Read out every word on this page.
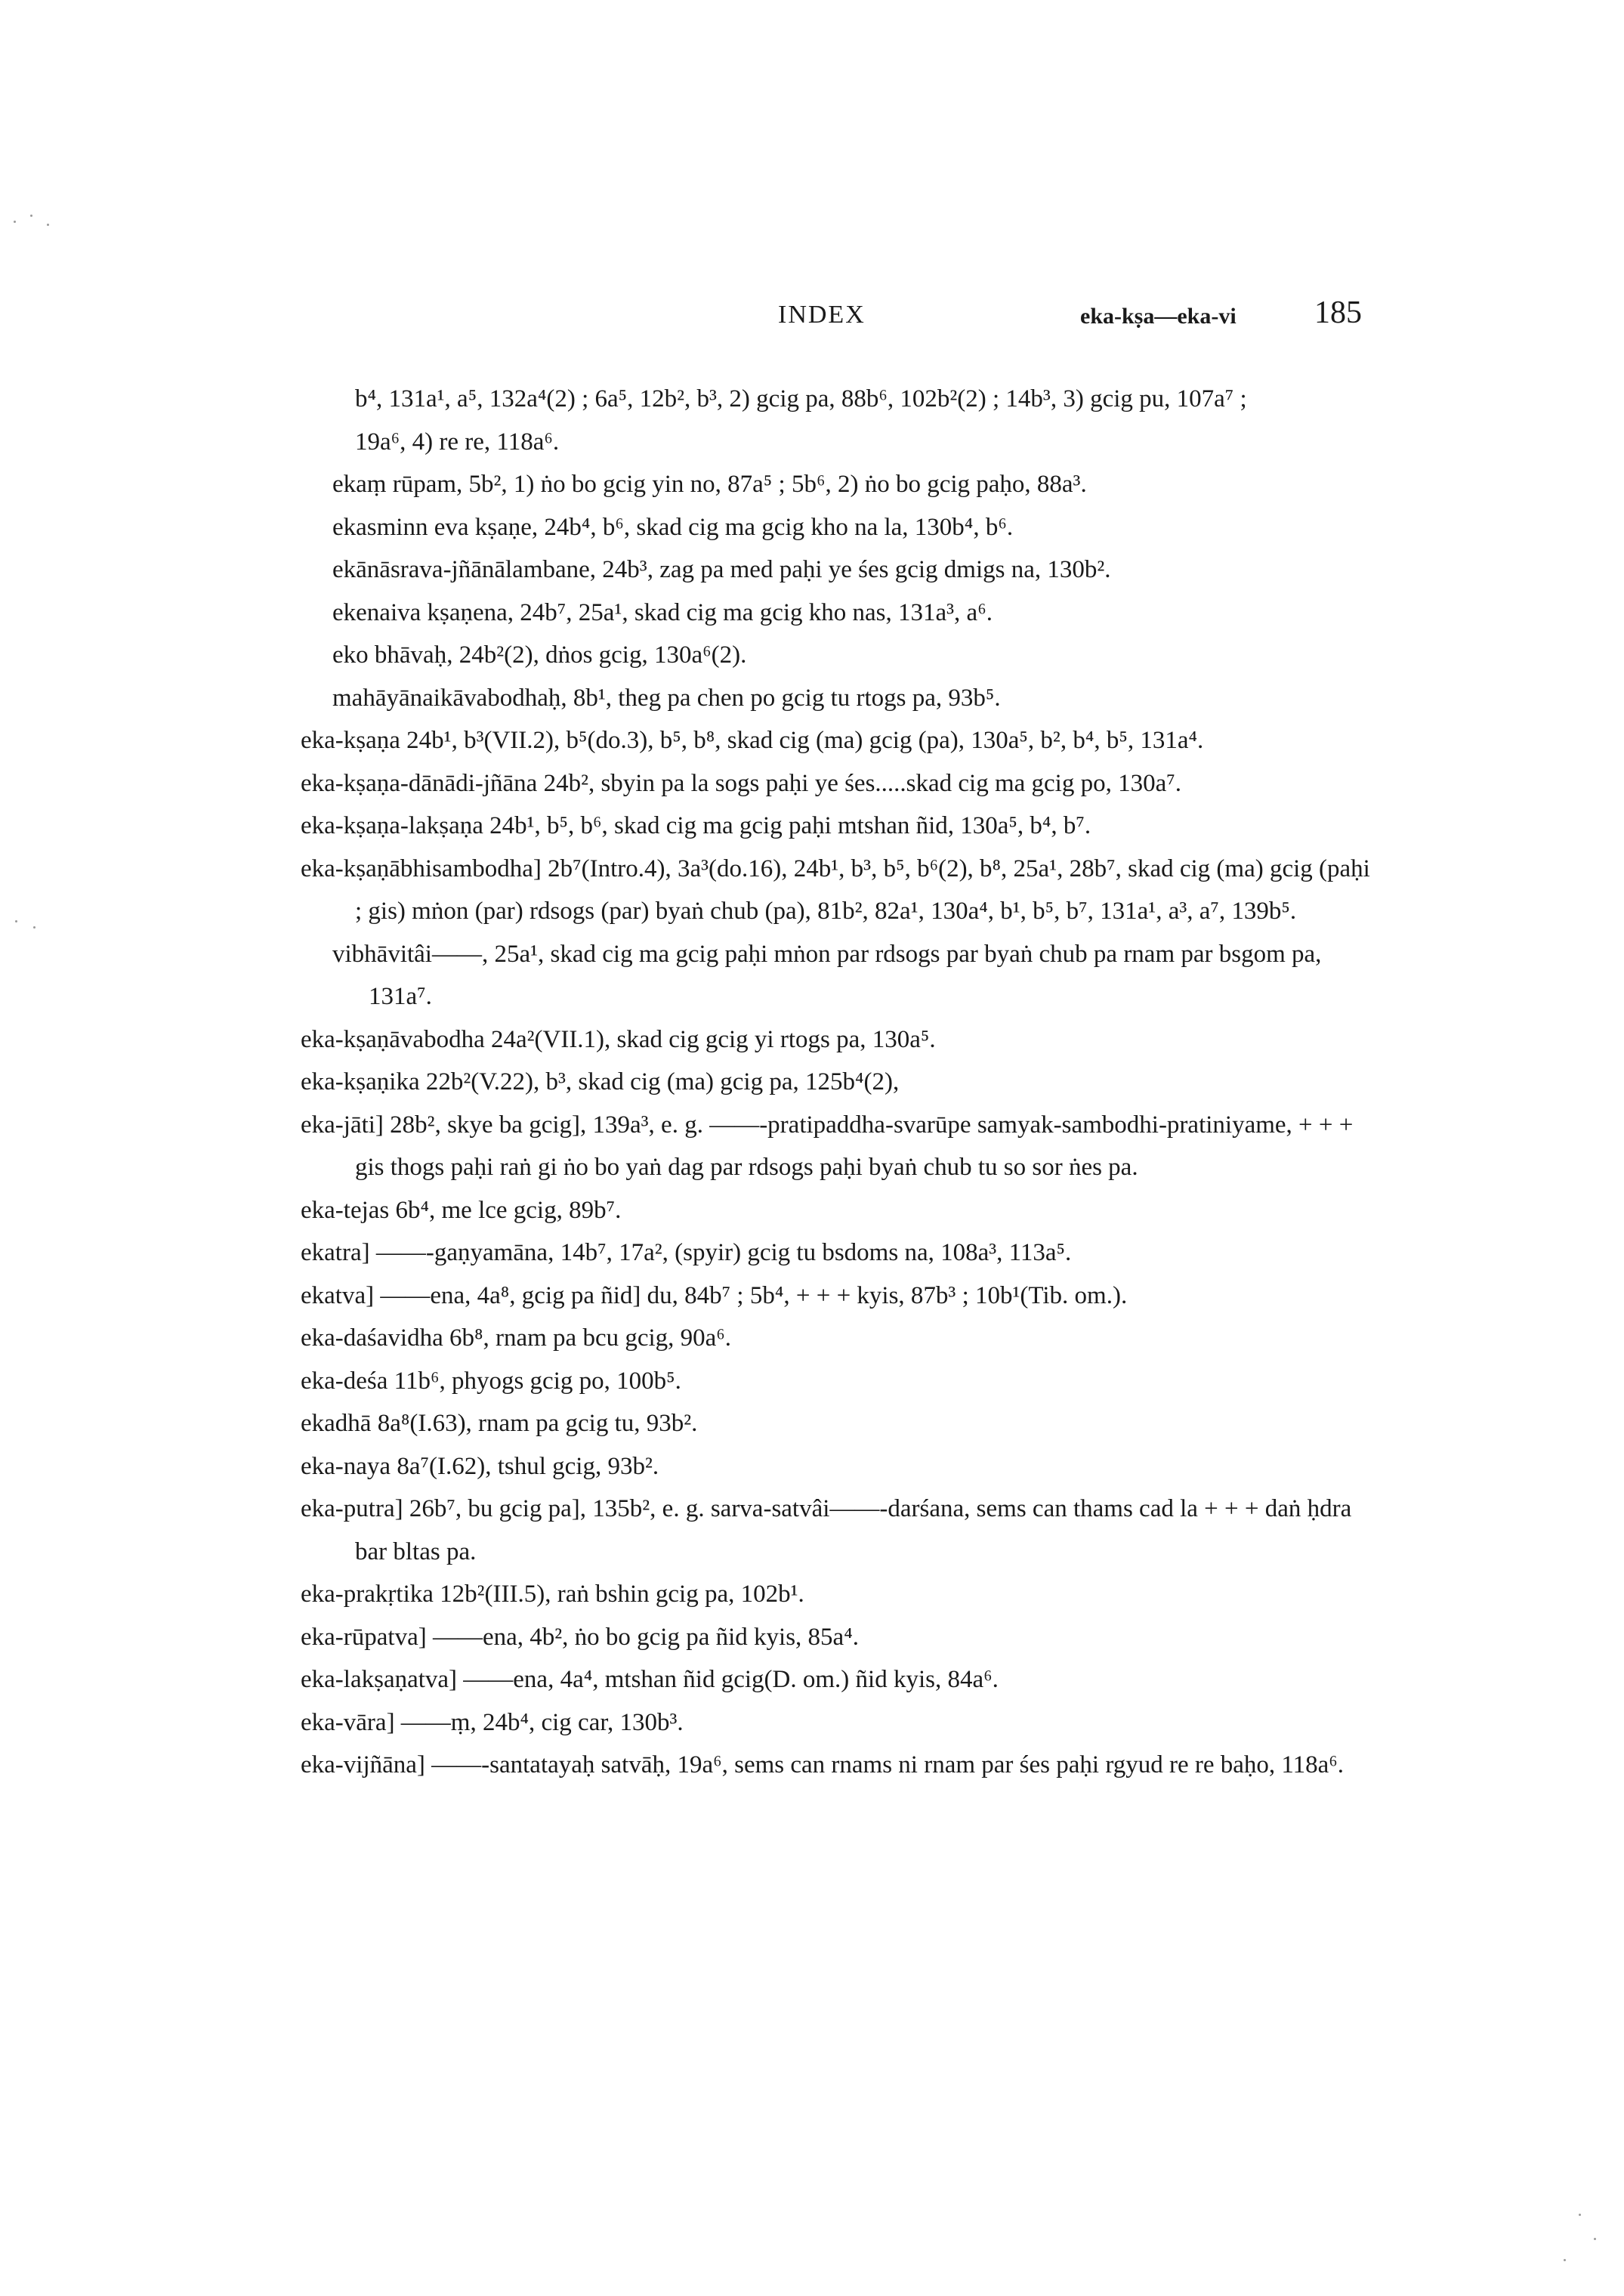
INDEX	eka-kṣa—eka-vi 185
b⁴, 131a¹, a⁵, 132a⁴(2) ; 6a⁵, 12b², b³, 2) gcig pa, 88b⁶, 102b²(2) ; 14b³, 3) gcig pu, 107a⁷ ;
19a⁶, 4) re re, 118a⁶.
ekaṃ rūpam, 5b², 1) ṅo bo gcig yin no, 87a⁵ ; 5b⁶, 2) ṅo bo gcig paḥo, 88a³.
ekasminn eva kṣaṇe, 24b⁴, b⁶, skad cig ma gcig kho na la, 130b⁴, b⁶.
ekānāsrava-jñānālambane, 24b³, zag pa med paḥi ye śes gcig dmigs na, 130b².
ekenaiva kṣaṇena, 24b⁷, 25a¹, skad cig ma gcig kho nas, 131a³, a⁶.
eko bhāvaḥ, 24b²(2), dṅos gcig, 130a⁶(2).
mahāyānaikāvabodhaḥ, 8b¹, theg pa chen po gcig tu rtogs pa, 93b⁵.
eka-kṣaṇa 24b¹, b³(VII.2), b⁵(do.3), b⁵, b⁸, skad cig (ma) gcig (pa), 130a⁵, b², b⁴, b⁵, 131a⁴.
eka-kṣaṇa-dānādi-jñāna 24b², sbyin pa la sogs paḥi ye śes.....skad cig ma gcig po, 130a⁷.
eka-kṣaṇa-lakṣaṇa 24b¹, b⁵, b⁶, skad cig ma gcig paḥi mtshan ñid, 130a⁵, b⁴, b⁷.
eka-kṣaṇābhisambodha] 2b⁷(Intro.4), 3a³(do.16), 24b¹, b³, b⁵, b⁶(2), b⁸, 25a¹, 28b⁷, skad cig (ma) gcig (paḥi ; gis) mṅon (par) rdsogs (par) byaṅ chub (pa), 81b², 82a¹, 130a⁴, b¹, b⁵, b⁷, 131a¹, a³, a⁷, 139b⁵.
vibhāvitâi——, 25a¹, skad cig ma gcig paḥi mṅon par rdsogs par byaṅ chub pa rnam par bsgom pa, 131a⁷.
eka-kṣaṇāvabodha 24a²(VII.1), skad cig gcig yi rtogs pa, 130a⁵.
eka-kṣaṇika 22b²(V.22), b³, skad cig (ma) gcig pa, 125b⁴(2),
eka-jāti] 28b², skye ba gcig], 139a³, e. g. ——-pratipaddha-svarūpe samyak-sambodhi-pratiniyame, + + + gis thogs paḥi raṅ gi ṅo bo yaṅ dag par rdsogs paḥi byaṅ chub tu so sor ṅes pa.
eka-tejas 6b⁴, me lce gcig, 89b⁷.
ekatra] ——-gaṇyamāna, 14b⁷, 17a², (spyir) gcig tu bsdoms na, 108a³, 113a⁵.
ekatva] ——ena, 4a⁸, gcig pa ñid] du, 84b⁷ ; 5b⁴, + + + kyis, 87b³ ; 10b¹(Tib. om.).
eka-daśavidha 6b⁸, rnam pa bcu gcig, 90a⁶.
eka-deśa 11b⁶, phyogs gcig po, 100b⁵.
ekadhā 8a⁸(I.63), rnam pa gcig tu, 93b².
eka-naya 8a⁷(I.62), tshul gcig, 93b².
eka-putra] 26b⁷, bu gcig pa], 135b², e. g. sarva-satvâi——-darśana, sems can thams cad la + + + daṅ ḥdra bar bltas pa.
eka-prakṛtika 12b²(III.5), raṅ bshin gcig pa, 102b¹.
eka-rūpatva] ——ena, 4b², ṅo bo gcig pa ñid kyis, 85a⁴.
eka-lakṣaṇatva] ——ena, 4a⁴, mtshan ñid gcig(D. om.) ñid kyis, 84a⁶.
eka-vāra] ——ṃ, 24b⁴, cig car, 130b³.
eka-vijñāna] ——-santatayaḥ satvāḥ, 19a⁶, sems can rnams ni rnam par śes paḥi rgyud re re baḥo, 118a⁶.
